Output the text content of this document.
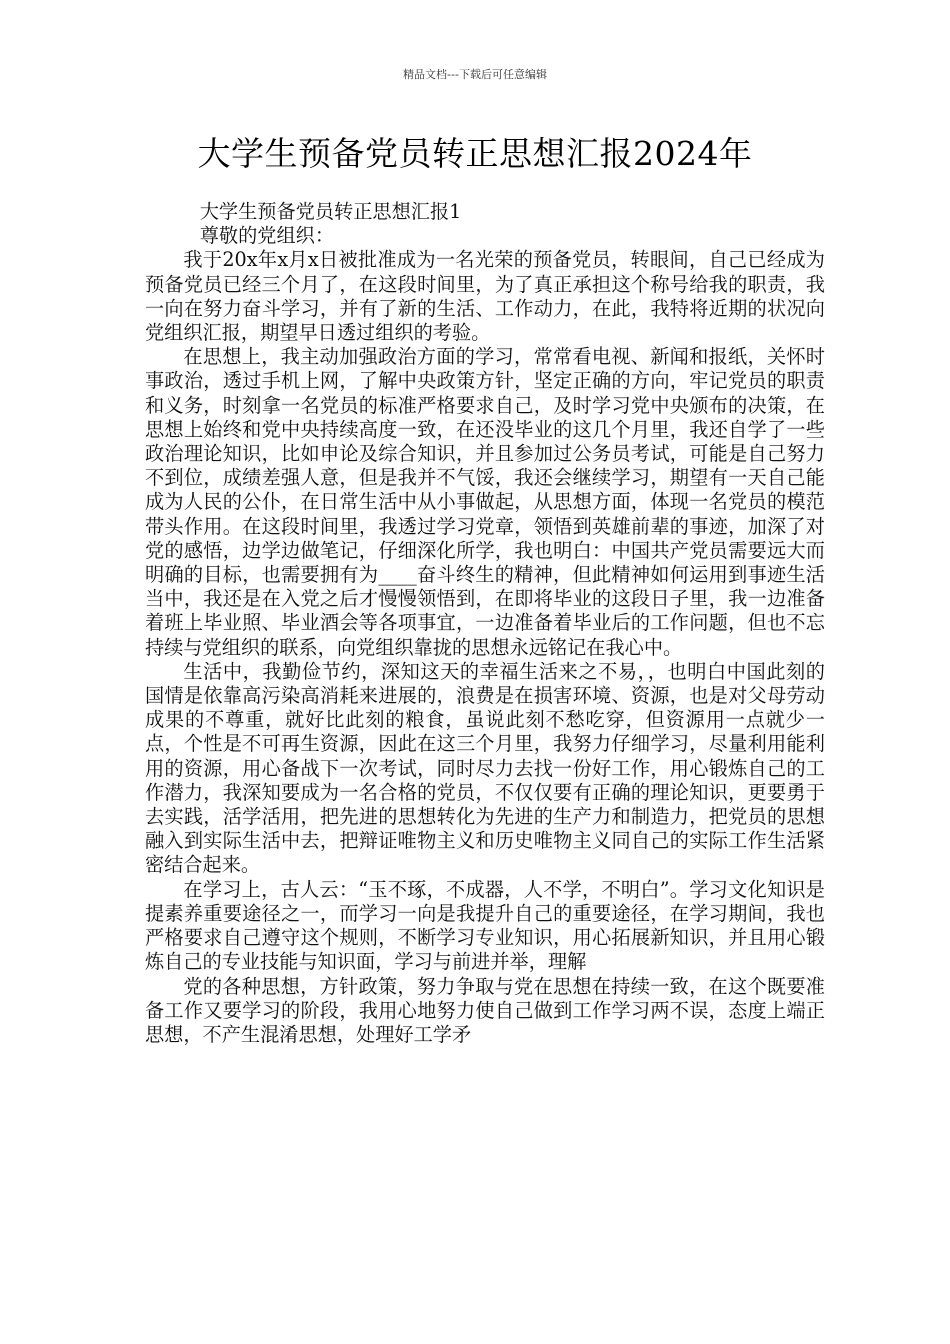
精品文档---下载后可任意编辑
大学生预备党员转正思想汇报2024年

大学生预备党员转正思想汇报1

尊敬的党组织：

我于20x年x月x日被批准成为一名光荣的预备党员，转眼间，自己已经成为预备党员已经三个月了，在这段时间里，为了真正承担这个称号给我的职责，我一向在努力奋斗学习，并有了新的生活、工作动力，在此，我特将近期的状况向党组织汇报，期望早日透过组织的考验。

在思想上，我主动加强政治方面的学习，常常看电视、新闻和报纸，关怀时事政治，透过手机上网，了解中央政策方针，坚定正确的方向，牢记党员的职责和义务，时刻拿一名党员的标准严格要求自己，及时学习党中央颁布的决策，在思想上始终和党中央持续高度一致，在还没毕业的这几个月里，我还自学了一些政治理论知识，比如申论及综合知识，并且参加过公务员考试，可能是自己努力不到位，成绩差强人意，但是我并不气馁，我还会继续学习，期望有一天自己能成为人民的公仆，在日常生活中从小事做起，从思想方面，体现一名党员的模范带头作用。在这段时间里，我透过学习党章，领悟到英雄前辈的事迹，加深了对党的感悟，边学边做笔记，仔细深化所学，我也明白：中国共产党员需要远大而明确的目标，也需要拥有为____奋斗终生的精神，但此精神如何运用到事迹生活当中，我还是在入党之后才慢慢领悟到，在即将毕业的这段日子里，我一边准备着班上毕业照、毕业酒会等各项事宜，一边准备着毕业后的工作问题，但也不忘持续与党组织的联系，向党组织靠拢的思想永远铭记在我心中。

生活中，我勤俭节约，深知这天的幸福生活来之不易，，也明白中国此刻的国情是依靠高污染高消耗来进展的，浪费是在损害环境、资源，也是对父母劳动成果的不尊重，就好比此刻的粮食，虽说此刻不愁吃穿，但资源用一点就少一点，个性是不可再生资源，因此在这三个月里，我努力仔细学习，尽量利用能利用的资源，用心备战下一次考试，同时尽力去找一份好工作，用心锻炼自己的工作潜力，我深知要成为一名合格的党员，不仅仅要有正确的理论知识，更要勇于去实践，活学活用，把先进的思想转化为先进的生产力和制造力，把党员的思想融入到实际生活中去，把辩证唯物主义和历史唯物主义同自己的实际工作生活紧密结合起来。

在学习上，古人云：“玉不琢，不成器，人不学，不明白”。学习文化知识是提素养重要途径之一，而学习一向是我提升自己的重要途径，在学习期间，我也严格要求自己遵守这个规则，不断学习专业知识，用心拓展新知识，并且用心锻炼自己的专业技能与知识面，学习与前进并举，理解

党的各种思想，方针政策，努力争取与党在思想在持续一致，在这个既要准备工作又要学习的阶段，我用心地努力使自己做到工作学习两不误，态度上端正思想，不产生混淆思想，处理好工学矛
